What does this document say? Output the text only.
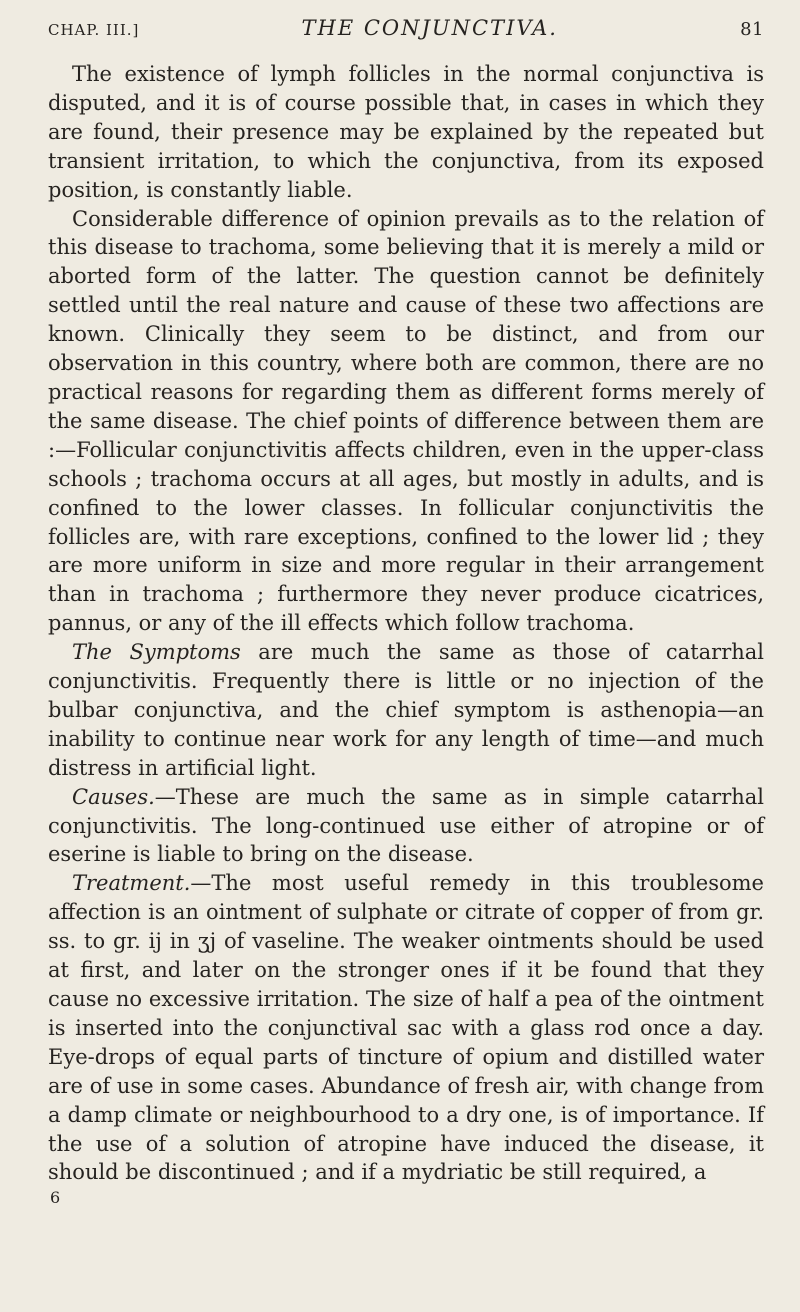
CHAP. III.]	THE CONJUNCTIVA.	81

The existence of lymph follicles in the normal conjunctiva is disputed, and it is of course possible that, in cases in which they are found, their presence may be explained by the repeated but transient irritation, to which the conjunctiva, from its exposed position, is constantly liable.

Considerable difference of opinion prevails as to the relation of this disease to trachoma, some believing that it is merely a mild or aborted form of the latter. The question cannot be definitely settled until the real nature and cause of these two affections are known. Clinically they seem to be distinct, and from our observation in this country, where both are common, there are no practical reasons for regarding them as different forms merely of the same disease. The chief points of difference between them are :—Follicular conjunctivitis affects children, even in the upper-class schools ; trachoma occurs at all ages, but mostly in adults, and is confined to the lower classes. In follicular conjunctivitis the follicles are, with rare exceptions, confined to the lower lid ; they are more uniform in size and more regular in their arrangement than in trachoma ; furthermore they never produce cicatrices, pannus, or any of the ill effects which follow trachoma.

The Symptoms are much the same as those of catarrhal conjunctivitis. Frequently there is little or no injection of the bulbar conjunctiva, and the chief symptom is asthenopia—an inability to continue near work for any length of time—and much distress in artificial light.

Causes.—These are much the same as in simple catarrhal conjunctivitis. The long-continued use either of atropine or of eserine is liable to bring on the disease.

Treatment.—The most useful remedy in this troublesome affection is an ointment of sulphate or citrate of copper of from gr. ss. to gr. ij in ʒj of vaseline. The weaker ointments should be used at first, and later on the stronger ones if it be found that they cause no excessive irritation. The size of half a pea of the ointment is inserted into the conjunctival sac with a glass rod once a day. Eye-drops of equal parts of tincture of opium and distilled water are of use in some cases. Abundance of fresh air, with change from a damp climate or neighbourhood to a dry one, is of importance. If the use of a solution of atropine have induced the disease, it should be discontinued ; and if a mydriatic be still required, a

6
